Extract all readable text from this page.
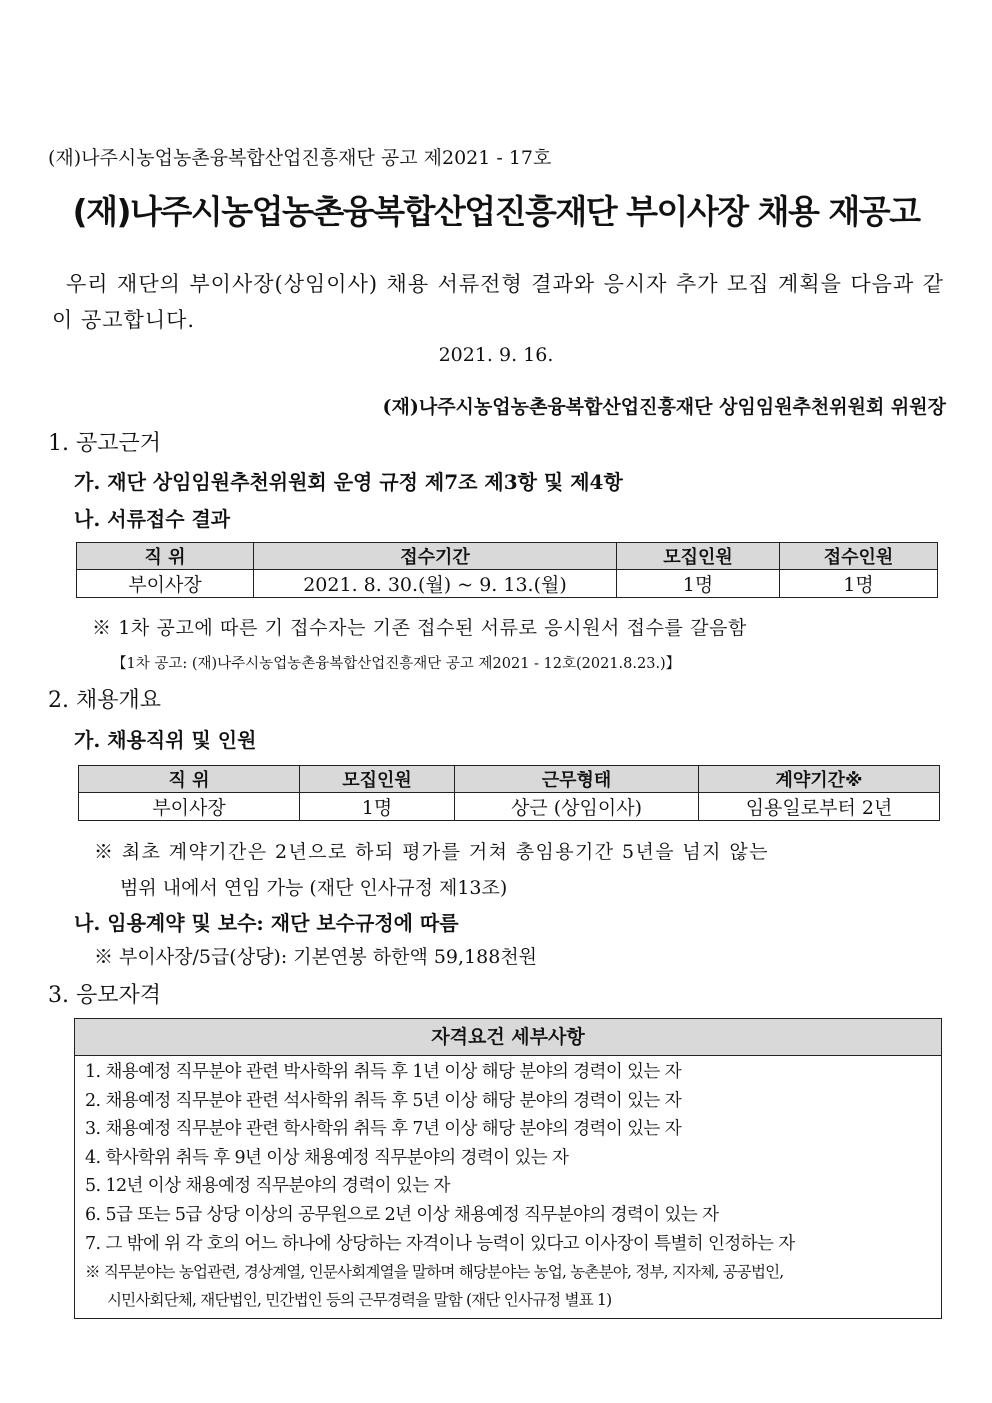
(재)나주시농업농촌융복합산업진흥재단 공고 제2021 - 17호
(재)나주시농업농촌융복합산업진흥재단 부이사장 채용 재공고
우리 재단의 부이사장(상임이사) 채용 서류전형 결과와 응시자 추가 모집 계획을 다음과 같이 공고합니다.
2021. 9. 16.
(재)나주시농업농촌융복합산업진흥재단 상임임원추천위원회 위원장
1. 공고근거
가. 재단 상임임원추천위원회 운영 규정 제7조 제3항 및 제4항
나. 서류접수 결과
직 위	접수기간	모집인원	접수인원
부이사장	2021. 8. 30.(월) ~ 9. 13.(월)	1명	1명
※ 1차 공고에 따른 기 접수자는 기존 접수된 서류로 응시원서 접수를 갈음함
【1차 공고: (재)나주시농업농촌융복합산업진흥재단 공고 제2021 - 12호(2021.8.23.)】
2. 채용개요
가. 채용직위 및 인원
직 위	모집인원	근무형태	계약기간※
부이사장	1명	상근 (상임이사)	임용일로부터 2년
※ 최초 계약기간은 2년으로 하되 평가를 거쳐 총임용기간 5년을 넘지 않는
범위 내에서 연임 가능 (재단 인사규정 제13조)
나. 임용계약 및 보수: 재단 보수규정에 따름
※ 부이사장/5급(상당): 기본연봉 하한액 59,188천원
3. 응모자격
자격요건 세부사항
1. 채용예정 직무분야 관련 박사학위 취득 후 1년 이상 해당 분야의 경력이 있는 자
2. 채용예정 직무분야 관련 석사학위 취득 후 5년 이상 해당 분야의 경력이 있는 자
3. 채용예정 직무분야 관련 학사학위 취득 후 7년 이상 해당 분야의 경력이 있는 자
4. 학사학위 취득 후 9년 이상 채용예정 직무분야의 경력이 있는 자
5. 12년 이상 채용예정 직무분야의 경력이 있는 자
6. 5급 또는 5급 상당 이상의 공무원으로 2년 이상 채용예정 직무분야의 경력이 있는 자
7. 그 밖에 위 각 호의 어느 하나에 상당하는 자격이나 능력이 있다고 이사장이 특별히 인정하는 자
※ 직무분야는 농업관련, 경상계열, 인문사회계열을 말하며 해당분야는 농업, 농촌분야, 정부, 지자체, 공공법인,
시민사회단체, 재단법인, 민간법인 등의 근무경력을 말함 (재단 인사규정 별표 1)
